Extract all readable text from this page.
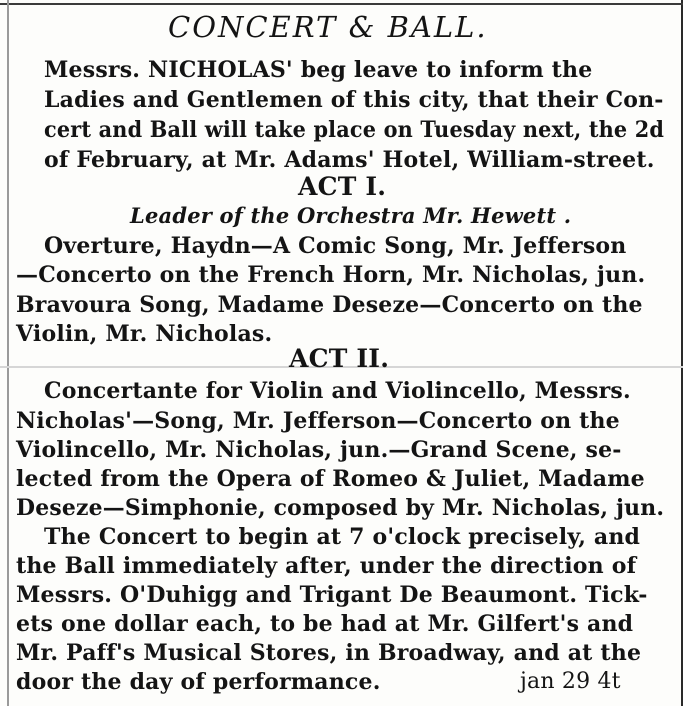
CONCERT & BALL.
Messrs. NICHOLAS' beg leave to inform the
Ladies and Gentlemen of this city, that their Con-
cert and Ball will take place on Tuesday next, the 2d
of February, at Mr. Adams' Hotel, William-street.
ACT I.
Leader of the Orchestra Mr. Hewett .
Overture, Haydn—A Comic Song, Mr. Jefferson
—Concerto on the French Horn, Mr. Nicholas, jun.
Bravoura Song, Madame Deseze—Concerto on the
Violin, Mr. Nicholas.
ACT II.
Concertante for Violin and Violincello, Messrs.
Nicholas'—Song, Mr. Jefferson—Concerto on the
Violincello, Mr. Nicholas, jun.—Grand Scene, se-
lected from the Opera of Romeo & Juliet, Madame
Deseze—Simphonie, composed by Mr. Nicholas, jun.
The Concert to begin at 7 o'clock precisely, and
the Ball immediately after, under the direction of
Messrs. O'Duhigg and Trigant De Beaumont. Tick-
ets one dollar each, to be had at Mr. Gilfert's and
Mr. Paff's Musical Stores, in Broadway, and at the
door the day of performance.	jan 29 4t
